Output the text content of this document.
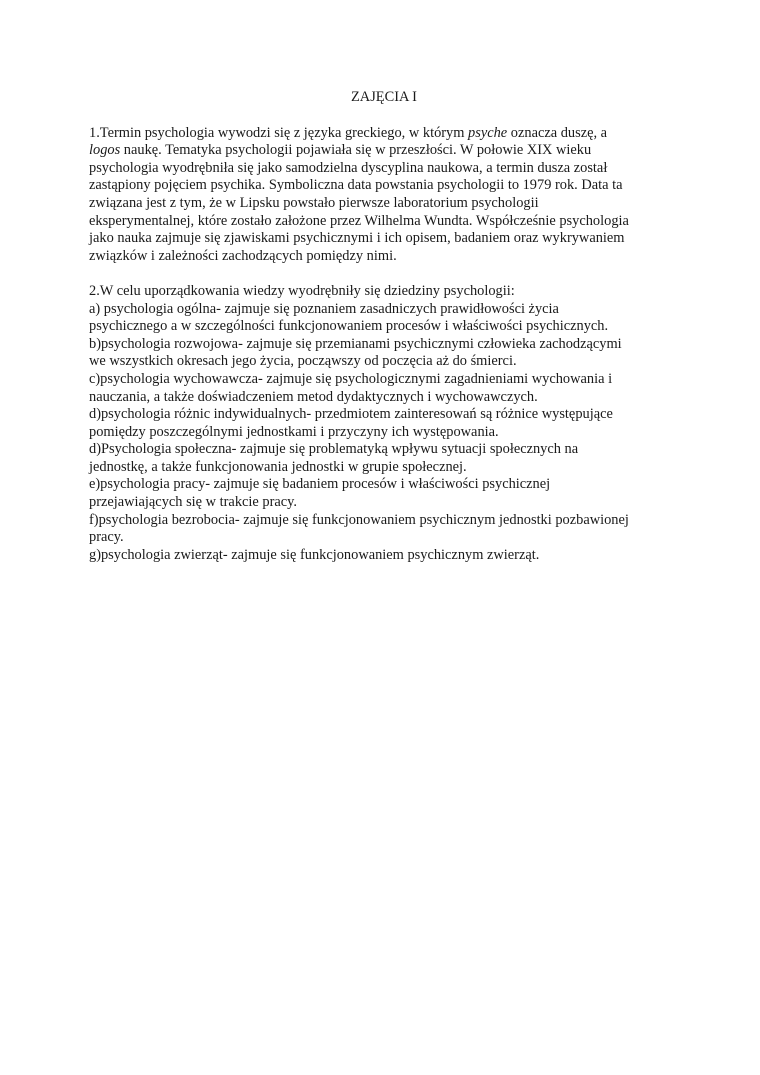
ZAJĘCIA I
1.Termin psychologia wywodzi się z języka greckiego, w którym psyche oznacza duszę, a
logos naukę. Tematyka psychologii pojawiała się w przeszłości. W połowie XIX wieku
psychologia wyodrębniła się jako samodzielna dyscyplina naukowa, a termin dusza został
zastąpiony pojęciem psychika. Symboliczna data powstania psychologii to 1979 rok. Data ta
związana jest z tym, że w Lipsku powstało pierwsze laboratorium psychologii
eksperymentalnej, które zostało założone przez Wilhelma Wundta. Współcześnie psychologia
jako nauka zajmuje się zjawiskami psychicznymi i ich opisem, badaniem oraz wykrywaniem
związków i zależności zachodzących pomiędzy nimi.
2.W celu uporządkowania wiedzy wyodrębniły się dziedziny psychologii:
a) psychologia ogólna- zajmuje się poznaniem zasadniczych prawidłowości życia
psychicznego a w szczególności funkcjonowaniem procesów i właściwości psychicznych.
b)psychologia rozwojowa- zajmuje się przemianami psychicznymi człowieka zachodzącymi
we wszystkich okresach jego życia, począwszy od poczęcia aż do śmierci.
c)psychologia wychowawcza- zajmuje się psychologicznymi zagadnieniami wychowania i
nauczania, a także doświadczeniem metod dydaktycznych i wychowawczych.
d)psychologia różnic indywidualnych- przedmiotem zainteresowań są różnice występujące
pomiędzy poszczególnymi jednostkami i przyczyny ich występowania.
d)Psychologia społeczna- zajmuje się problematyką wpływu sytuacji społecznych na
jednostkę, a także funkcjonowania jednostki w grupie społecznej.
e)psychologia pracy- zajmuje się badaniem procesów i właściwości psychicznej
przejawiających się w trakcie pracy.
f)psychologia bezrobocia- zajmuje się funkcjonowaniem psychicznym jednostki pozbawionej
pracy.
g)psychologia zwierząt- zajmuje się funkcjonowaniem psychicznym zwierząt.
